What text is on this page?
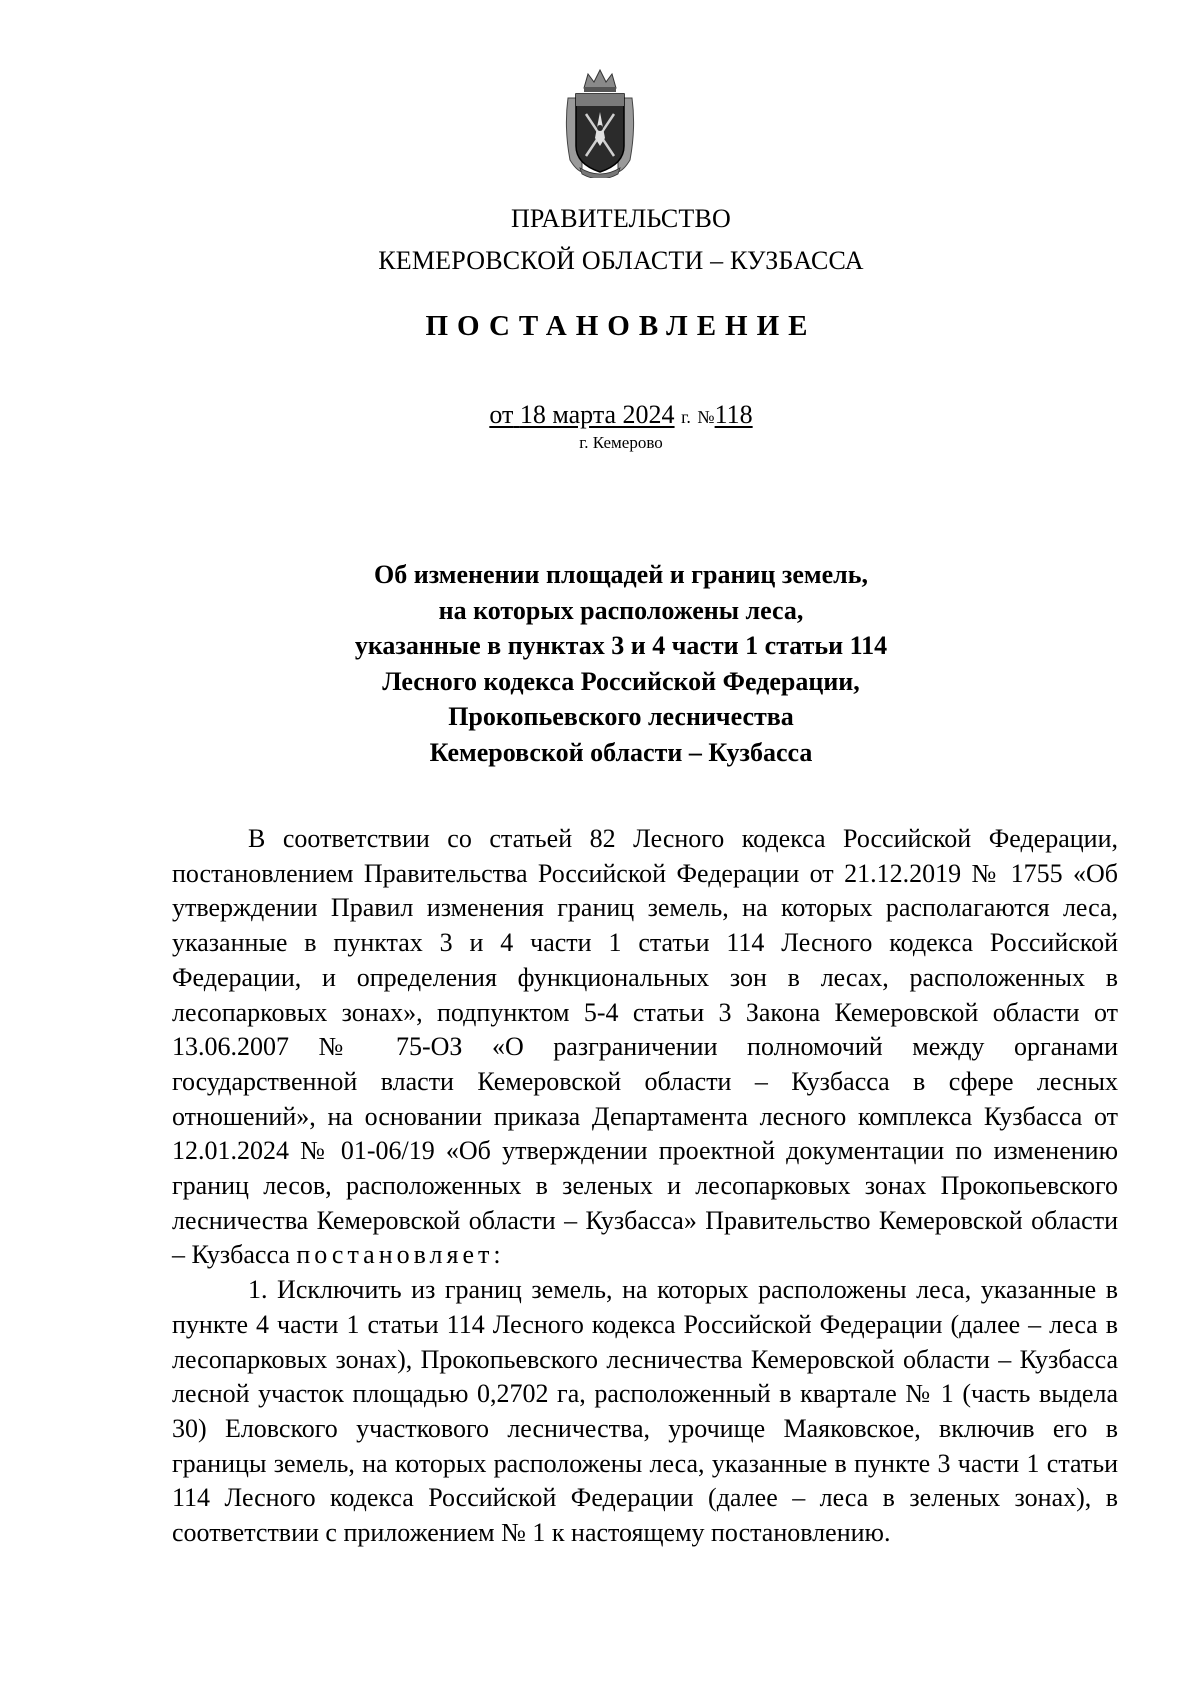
ПРАВИТЕЛЬСТВО
КЕМЕРОВСКОЙ ОБЛАСТИ – КУЗБАССА
ПОСТАНОВЛЕНИЕ
от 18 марта 2024 г. №118
г. Кемерово
Об изменении площадей и границ земель,
на которых расположены леса,
указанные в пунктах 3 и 4 части 1 статьи 114
Лесного кодекса Российской Федерации,
Прокопьевского лесничества
Кемеровской области – Кузбасса

В соответствии со статьей 82 Лесного кодекса Российской Федерации, постановлением Правительства Российской Федерации от 21.12.2019 № 1755 «Об утверждении Правил изменения границ земель, на которых располагаются леса, указанные в пунктах 3 и 4 части 1 статьи 114 Лесного кодекса Российской Федерации, и определения функциональных зон в лесах, расположенных в лесопарковых зонах», подпунктом 5-4 статьи 3 Закона Кемеровской области от 13.06.2007 № 75-ОЗ «О разграничении полномочий между органами государственной власти Кемеровской области – Кузбасса в сфере лесных отношений», на основании приказа Департамента лесного комплекса Кузбасса от 12.01.2024 № 01-06/19 «Об утверждении проектной документации по изменению границ лесов, расположенных в зеленых и лесопарковых зонах Прокопьевского лесничества Кемеровской области – Кузбасса» Правительство Кемеровской области – Кузбасса постановляет:

1. Исключить из границ земель, на которых расположены леса, указанные в пункте 4 части 1 статьи 114 Лесного кодекса Российской Федерации (далее – леса в лесопарковых зонах), Прокопьевского лесничества Кемеровской области – Кузбасса лесной участок площадью 0,2702 га, расположенный в квартале № 1 (часть выдела 30) Еловского участкового лесничества, урочище Маяковское, включив его в границы земель, на которых расположены леса, указанные в пункте 3 части 1 статьи 114 Лесного кодекса Российской Федерации (далее – леса в зеленых зонах), в соответствии с приложением № 1 к настоящему постановлению.
